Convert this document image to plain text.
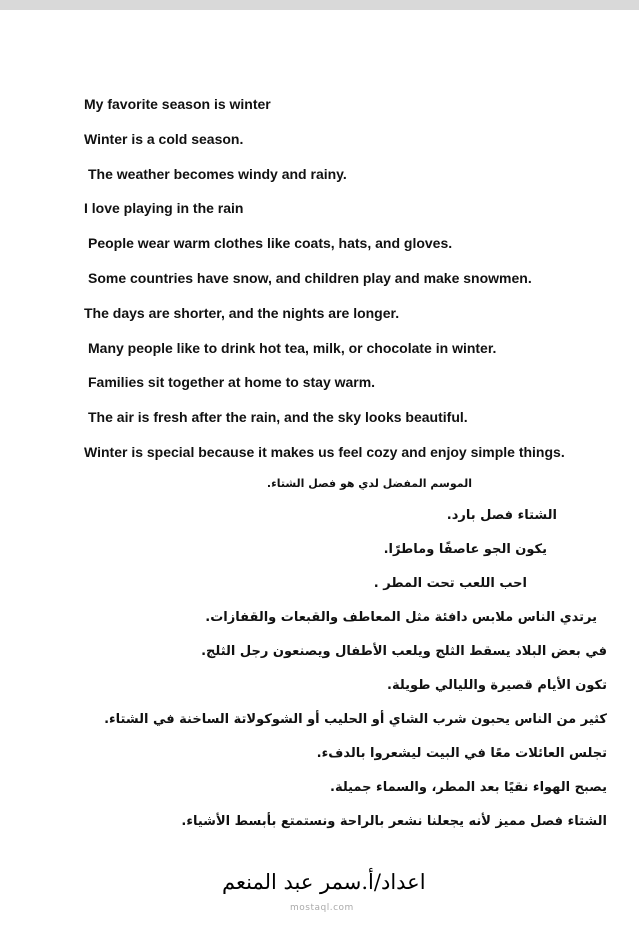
My favorite season is winter
Winter is a cold season.
The weather becomes windy and rainy.
I love playing in the rain
People wear warm clothes like coats, hats, and gloves.
Some countries have snow, and children play and make snowmen.
The days are shorter, and the nights are longer.
Many people like to drink hot tea, milk, or chocolate in winter.
Families sit together at home to stay warm.
The air is fresh after the rain, and the sky looks beautiful.
Winter is special because it makes us feel cozy and enjoy simple things.
الموسم المفضل لدي هو فصل الشتاء.
الشتاء فصل بارد.
يكون الجو عاصفًا وماطرًا.
احب اللعب تحت المطر .
يرتدي الناس ملابس دافئة مثل المعاطف والقبعات والقفازات.
في بعض البلاد يسقط الثلج ويلعب الأطفال ويصنعون رجل الثلج.
تكون الأيام قصيرة والليالي طويلة.
كثير من الناس يحبون شرب الشاي أو الحليب أو الشوكولاتة الساخنة في الشتاء.
تجلس العائلات معًا في البيت ليشعروا بالدفء.
يصبح الهواء نقيًا بعد المطر، والسماء جميلة.
الشتاء فصل مميز لأنه يجعلنا نشعر بالراحة ونستمتع بأبسط الأشياء.
اعداد/أ.سمر عبد المنعم
mostaql.com
